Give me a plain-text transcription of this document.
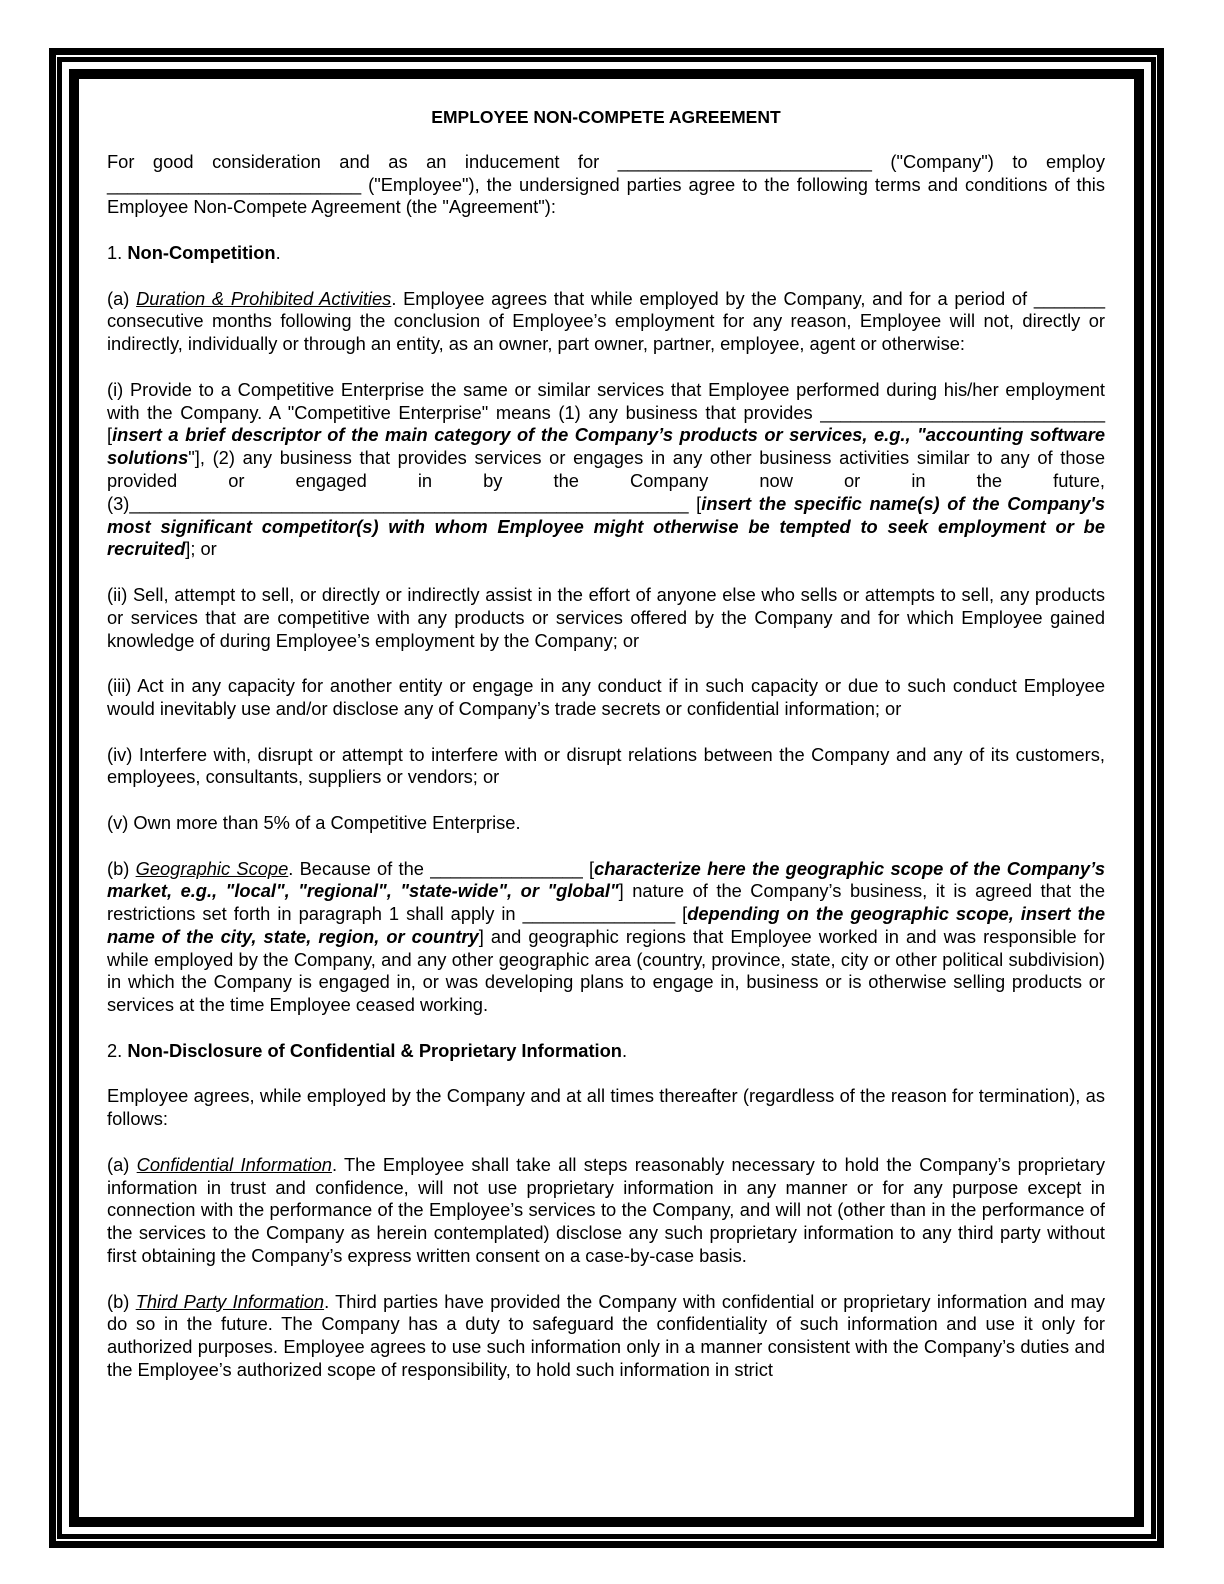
EMPLOYEE NON-COMPETE AGREEMENT

For good consideration and as an inducement for _________________________ ("Company") to employ _________________________ ("Employee"), the undersigned parties agree to the following terms and conditions of this Employee Non-Compete Agreement (the "Agreement"):

1. Non-Competition.

(a) Duration & Prohibited Activities. Employee agrees that while employed by the Company, and for a period of _______ consecutive months following the conclusion of Employee’s employment for any reason, Employee will not, directly or indirectly, individually or through an entity, as an owner, part owner, partner, employee, agent or otherwise:

(i) Provide to a Competitive Enterprise the same or similar services that Employee performed during his/her employment with the Company. A "Competitive Enterprise" means (1) any business that provides ____________________________ [insert a brief descriptor of the main category of the Company’s products or services, e.g., "accounting software solutions"], (2) any business that provides services or engages in any other business activities similar to any of those provided or engaged in by the Company now or in the future, (3)_______________________________________________________ [insert the specific name(s) of the Company's most significant competitor(s) with whom Employee might otherwise be tempted to seek employment or be recruited]; or

(ii) Sell, attempt to sell, or directly or indirectly assist in the effort of anyone else who sells or attempts to sell, any products or services that are competitive with any products or services offered by the Company and for which Employee gained knowledge of during Employee’s employment by the Company; or

(iii) Act in any capacity for another entity or engage in any conduct if in such capacity or due to such conduct Employee would inevitably use and/or disclose any of Company’s trade secrets or confidential information; or

(iv) Interfere with, disrupt or attempt to interfere with or disrupt relations between the Company and any of its customers, employees, consultants, suppliers or vendors; or

(v) Own more than 5% of a Competitive Enterprise.

(b) Geographic Scope. Because of the _______________ [characterize here the geographic scope of the Company’s market, e.g., "local", "regional", "state-wide", or "global"] nature of the Company’s business, it is agreed that the restrictions set forth in paragraph 1 shall apply in _______________ [depending on the geographic scope, insert the name of the city, state, region, or country] and geographic regions that Employee worked in and was responsible for while employed by the Company, and any other geographic area (country, province, state, city or other political subdivision) in which the Company is engaged in, or was developing plans to engage in, business or is otherwise selling products or services at the time Employee ceased working.

2. Non-Disclosure of Confidential & Proprietary Information.

Employee agrees, while employed by the Company and at all times thereafter (regardless of the reason for termination), as follows:

(a) Confidential Information. The Employee shall take all steps reasonably necessary to hold the Company’s proprietary information in trust and confidence, will not use proprietary information in any manner or for any purpose except in connection with the performance of the Employee’s services to the Company, and will not (other than in the performance of the services to the Company as herein contemplated) disclose any such proprietary information to any third party without first obtaining the Company’s express written consent on a case-by-case basis.

(b) Third Party Information. Third parties have provided the Company with confidential or proprietary information and may do so in the future. The Company has a duty to safeguard the confidentiality of such information and use it only for authorized purposes. Employee agrees to use such information only in a manner consistent with the Company’s duties and the Employee’s authorized scope of responsibility, to hold such information in strict
